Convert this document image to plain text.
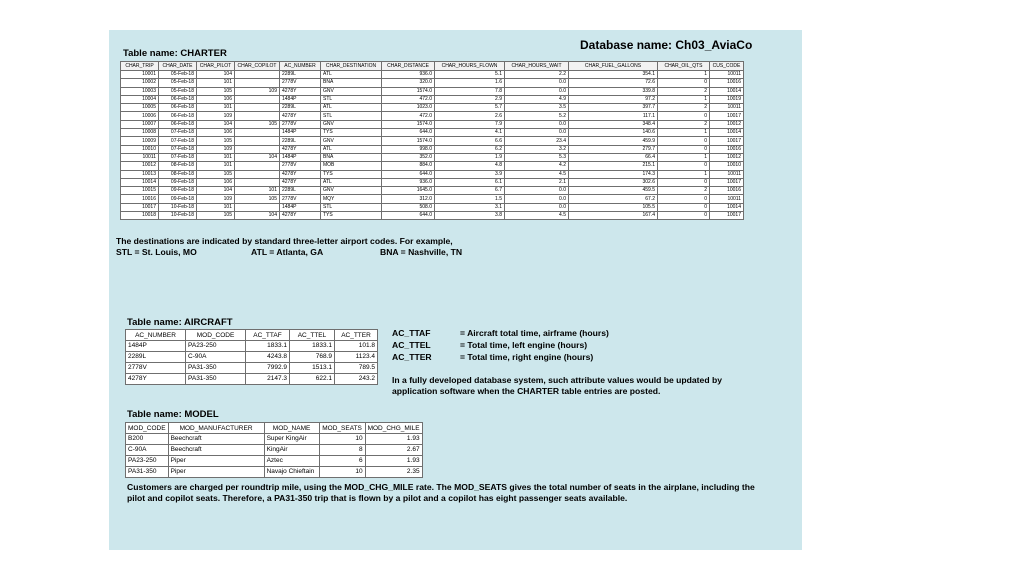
Database name: Ch03_AviaCo
Table name: CHARTER
CHAR_TRIP	CHAR_DATE	CHAR_PILOT	CHAR_COPILOT	AC_NUMBER	CHAR_DESTINATION	CHAR_DISTANCE	CHAR_HOURS_FLOWN	CHAR_HOURS_WAIT	CHAR_FUEL_GALLONS	CHAR_OIL_QTS	CUS_CODE
10001	05-Feb-18	104		2289L	ATL	936.0	5.1	2.2	354.1	1	10011
10002	05-Feb-18	101		2778V	BNA	320.0	1.6	0.0	72.6	0	10016
10003	05-Feb-18	105	109	4278Y	GNV	1574.0	7.8	0.0	339.8	2	10014
10004	06-Feb-18	106		1484P	STL	472.0	2.9	4.9	97.2	1	10019
10005	06-Feb-18	101		2289L	ATL	1023.0	5.7	3.5	397.7	2	10011
10006	06-Feb-18	109		4278Y	STL	472.0	2.6	5.2	117.1	0	10017
10007	06-Feb-18	104	105	2778V	GNV	1574.0	7.9	0.0	348.4	2	10012
10008	07-Feb-18	106		1484P	TYS	644.0	4.1	0.0	140.6	1	10014
10009	07-Feb-18	105		2289L	GNV	1574.0	6.6	23.4	459.9	0	10017
10010	07-Feb-18	109		4278Y	ATL	998.0	6.2	3.2	279.7	0	10016
10011	07-Feb-18	101	104	1484P	BNA	352.0	1.9	5.3	66.4	1	10012
10012	08-Feb-18	101		2778V	MOB	884.0	4.8	4.2	215.1	0	10010
10013	08-Feb-18	105		4278Y	TYS	644.0	3.9	4.5	174.3	1	10011
10014	09-Feb-18	106		4278Y	ATL	936.0	6.1	2.1	302.6	0	10017
10015	09-Feb-18	104	101	2289L	GNV	1645.0	6.7	0.0	459.5	2	10016
10016	09-Feb-18	109	105	2778V	MQY	312.0	1.5	0.0	67.2	0	10011
10017	10-Feb-18	101		1484P	STL	508.0	3.1	0.0	105.5	0	10014
10018	10-Feb-18	105	104	4278Y	TYS	644.0	3.8	4.5	167.4	0	10017
The destinations are indicated by standard three-letter airport codes. For example,
STL = St. Louis, MO	ATL = Atlanta, GA	BNA = Nashville, TN
Table name: AIRCRAFT
AC_NUMBER	MOD_CODE	AC_TTAF	AC_TTEL	AC_TTER
1484P	PA23-250	1833.1	1833.1	101.8
2289L	C-90A	4243.8	768.9	1123.4
2778V	PA31-350	7992.9	1513.1	789.5
4278Y	PA31-350	2147.3	622.1	243.2
AC_TTAF	= Aircraft total time, airframe (hours)
AC_TTEL	= Total time, left engine (hours)
AC_TTER	= Total time, right engine (hours)
In a fully developed database system, such attribute values would be updated by application software when the CHARTER table entries are posted.
Table name: MODEL
MOD_CODE	MOD_MANUFACTURER	MOD_NAME	MOD_SEATS	MOD_CHG_MILE
B200	Beechcraft	Super KingAir	10	1.93
C-90A	Beechcraft	KingAir	8	2.67
PA23-250	Piper	Aztec	6	1.93
PA31-350	Piper	Navajo Chieftain	10	2.35
Customers are charged per roundtrip mile, using the MOD_CHG_MILE rate. The MOD_SEATS gives the total number of seats in the airplane, including the pilot and copilot seats. Therefore, a PA31-350 trip that is flown by a pilot and a copilot has eight passenger seats available.
